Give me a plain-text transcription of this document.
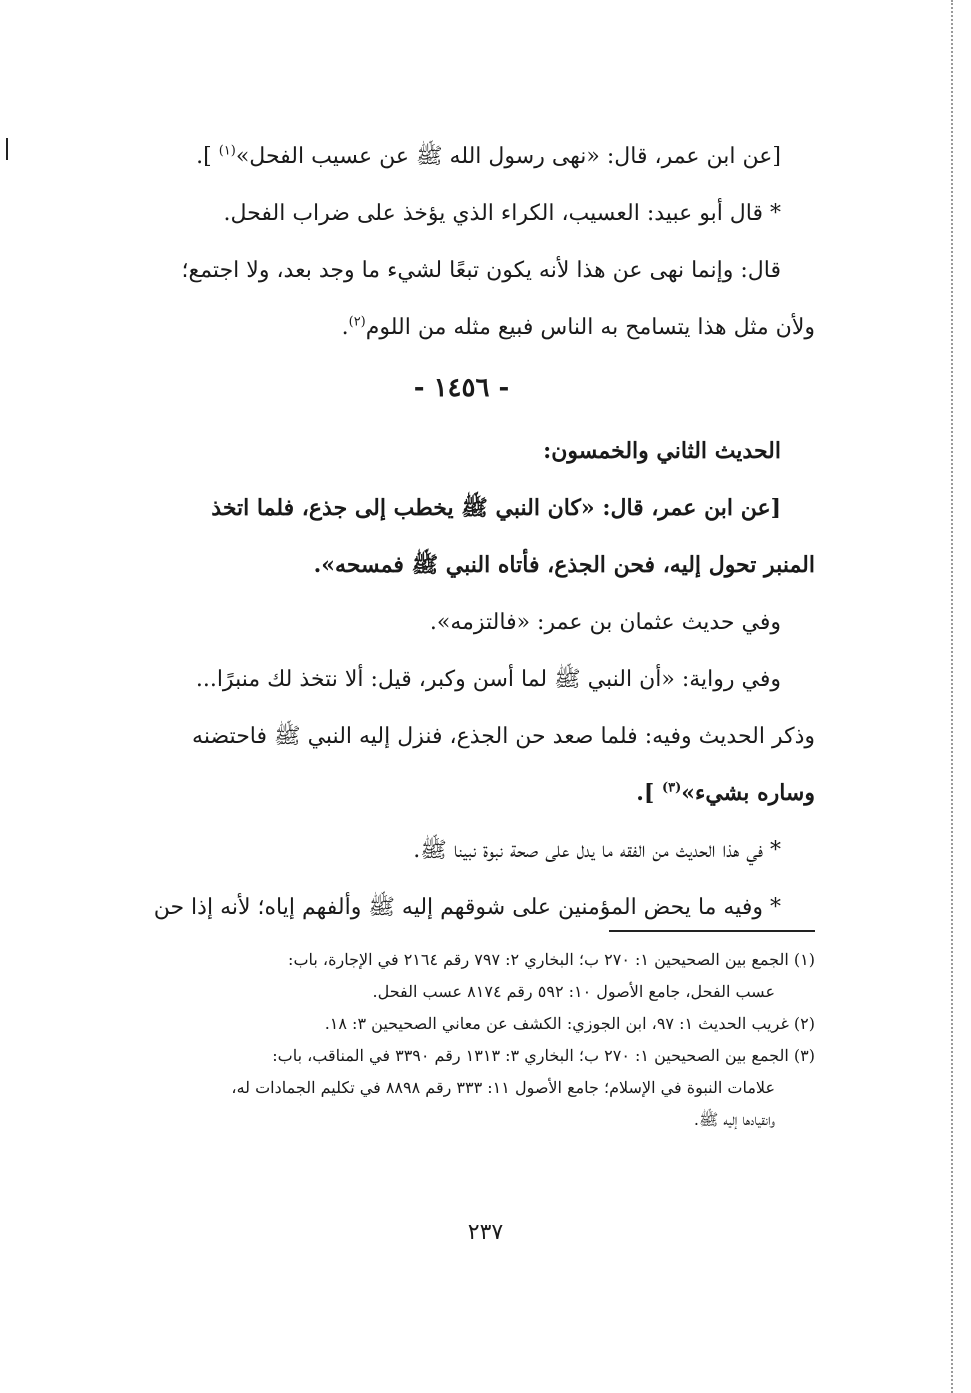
[عن ابن عمر، قال: «نهى رسول الله ﷺ عن عسيب الفحل»$^{(١)}$ ].

* قال أبو عبيد: العسيب، الكراء الذي يؤخذ على ضراب الفحل.

قال: وإنما نهى عن هذا لأنه يكون تبعًا لشيء ما وجد بعد، ولا اجتمع؛

ولأن مثل هذا يتسامح به الناس فبيع مثله من اللوم$^{(٢)}$.

- ١٤٥٦ -

الحديث الثاني والخمسون:

[عن ابن عمر، قال: «كان النبي ﷺ يخطب إلى جذع، فلما اتخذ

المنبر تحول إليه، فحن الجذع، فأتاه النبي ﷺ فمسحه».

وفي حديث عثمان بن عمر: «فالتزمه».

وفي رواية: «أن النبي ﷺ لما أسن وكبر، قيل: ألا نتخذ لك منبرًا...

وذكر الحديث وفيه: فلما صعد حن الجذع، فنزل إليه النبي ﷺ فاحتضنه

وساره بشيء»$^{(٣)}$ ].

* في هذا الحديث من الفقه ما يدل على صحة نبوة نبينا ﷺ.

* وفيه ما يحض المؤمنين على شوقهم إليه ﷺ وألفهم إياه؛ لأنه إذا حن

(١) الجمع بين الصحيحين ١: ٢٧٠ ب؛ البخاري ٢: ٧٩٧ رقم ٢١٦٤ في الإجارة، باب:

عسب الفحل، جامع الأصول ١٠: ٥٩٢ رقم ٨١٧٤ عسب الفحل.

(٢) غريب الحديث ١: ٩٧، ابن الجوزي: الكشف عن معاني الصحيحين ٣: ١٨.

(٣) الجمع بين الصحيحين ١: ٢٧٠ ب؛ البخاري ٣: ١٣١٣ رقم ٣٣٩٠ في المناقب، باب:

علامات النبوة في الإسلام؛ جامع الأصول ١١: ٣٣٣ رقم ٨٨٩٨ في تكليم الجمادات له،

وانقيادها إليه ﷺ.

٢٣٧
